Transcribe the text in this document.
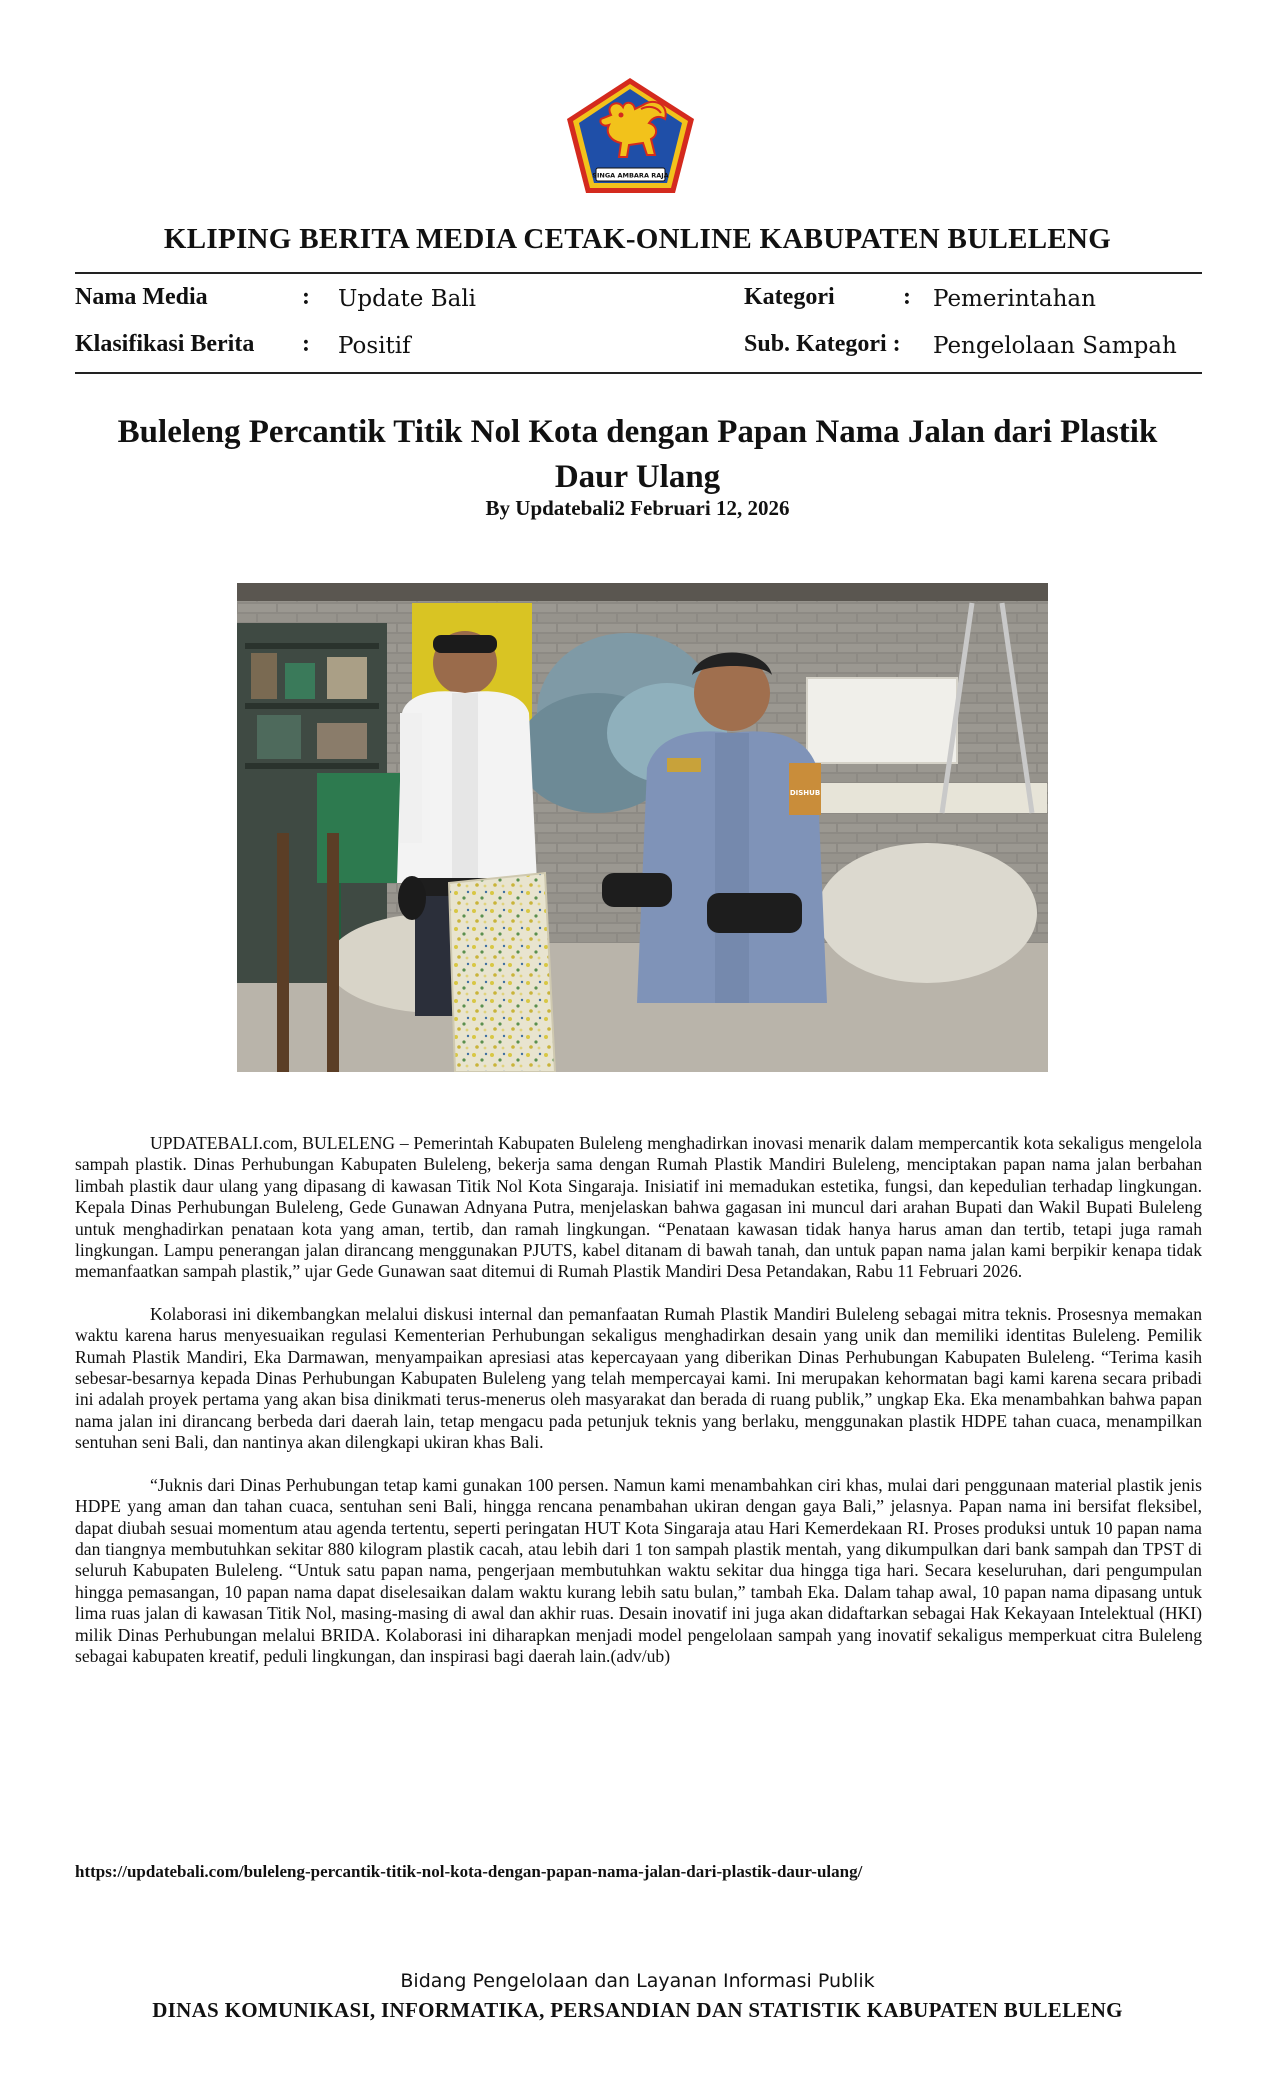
SINGA AMBARA RAJA
KLIPING BERITA MEDIA CETAK-ONLINE KABUPATEN BULELENG
Nama Media	: Update Bali	Kategori	: Pemerintahan
Klasifikasi Berita : Positif	Sub. Kategori : Pengelolaan Sampah
Buleleng Percantik Titik Nol Kota dengan Papan Nama Jalan dari Plastik Daur Ulang
By Updatebali2 Februari 12, 2026
DISHUB

UPDATEBALI.com, BULELENG – Pemerintah Kabupaten Buleleng menghadirkan inovasi menarik dalam mempercantik kota sekaligus mengelola sampah plastik. Dinas Perhubungan Kabupaten Buleleng, bekerja sama dengan Rumah Plastik Mandiri Buleleng, menciptakan papan nama jalan berbahan limbah plastik daur ulang yang dipasang di kawasan Titik Nol Kota Singaraja. Inisiatif ini memadukan estetika, fungsi, dan kepedulian terhadap lingkungan. Kepala Dinas Perhubungan Buleleng, Gede Gunawan Adnyana Putra, menjelaskan bahwa gagasan ini muncul dari arahan Bupati dan Wakil Bupati Buleleng untuk menghadirkan penataan kota yang aman, tertib, dan ramah lingkungan. “Penataan kawasan tidak hanya harus aman dan tertib, tetapi juga ramah lingkungan. Lampu penerangan jalan dirancang menggunakan PJUTS, kabel ditanam di bawah tanah, dan untuk papan nama jalan kami berpikir kenapa tidak memanfaatkan sampah plastik,” ujar Gede Gunawan saat ditemui di Rumah Plastik Mandiri Desa Petandakan, Rabu 11 Februari 2026.

Kolaborasi ini dikembangkan melalui diskusi internal dan pemanfaatan Rumah Plastik Mandiri Buleleng sebagai mitra teknis. Prosesnya memakan waktu karena harus menyesuaikan regulasi Kementerian Perhubungan sekaligus menghadirkan desain yang unik dan memiliki identitas Buleleng. Pemilik Rumah Plastik Mandiri, Eka Darmawan, menyampaikan apresiasi atas kepercayaan yang diberikan Dinas Perhubungan Kabupaten Buleleng. “Terima kasih sebesar-besarnya kepada Dinas Perhubungan Kabupaten Buleleng yang telah mempercayai kami. Ini merupakan kehormatan bagi kami karena secara pribadi ini adalah proyek pertama yang akan bisa dinikmati terus-menerus oleh masyarakat dan berada di ruang publik,” ungkap Eka. Eka menambahkan bahwa papan nama jalan ini dirancang berbeda dari daerah lain, tetap mengacu pada petunjuk teknis yang berlaku, menggunakan plastik HDPE tahan cuaca, menampilkan sentuhan seni Bali, dan nantinya akan dilengkapi ukiran khas Bali.

“Juknis dari Dinas Perhubungan tetap kami gunakan 100 persen. Namun kami menambahkan ciri khas, mulai dari penggunaan material plastik jenis HDPE yang aman dan tahan cuaca, sentuhan seni Bali, hingga rencana penambahan ukiran dengan gaya Bali,” jelasnya. Papan nama ini bersifat fleksibel, dapat diubah sesuai momentum atau agenda tertentu, seperti peringatan HUT Kota Singaraja atau Hari Kemerdekaan RI. Proses produksi untuk 10 papan nama dan tiangnya membutuhkan sekitar 880 kilogram plastik cacah, atau lebih dari 1 ton sampah plastik mentah, yang dikumpulkan dari bank sampah dan TPST di seluruh Kabupaten Buleleng. “Untuk satu papan nama, pengerjaan membutuhkan waktu sekitar dua hingga tiga hari. Secara keseluruhan, dari pengumpulan hingga pemasangan, 10 papan nama dapat diselesaikan dalam waktu kurang lebih satu bulan,” tambah Eka. Dalam tahap awal, 10 papan nama dipasang untuk lima ruas jalan di kawasan Titik Nol, masing-masing di awal dan akhir ruas. Desain inovatif ini juga akan didaftarkan sebagai Hak Kekayaan Intelektual (HKI) milik Dinas Perhubungan melalui BRIDA. Kolaborasi ini diharapkan menjadi model pengelolaan sampah yang inovatif sekaligus memperkuat citra Buleleng sebagai kabupaten kreatif, peduli lingkungan, dan inspirasi bagi daerah lain.(adv/ub)

https://updatebali.com/buleleng-percantik-titik-nol-kota-dengan-papan-nama-jalan-dari-plastik-daur-ulang/
Bidang Pengelolaan dan Layanan Informasi Publik
DINAS KOMUNIKASI, INFORMATIKA, PERSANDIAN DAN STATISTIK KABUPATEN BULELENG
